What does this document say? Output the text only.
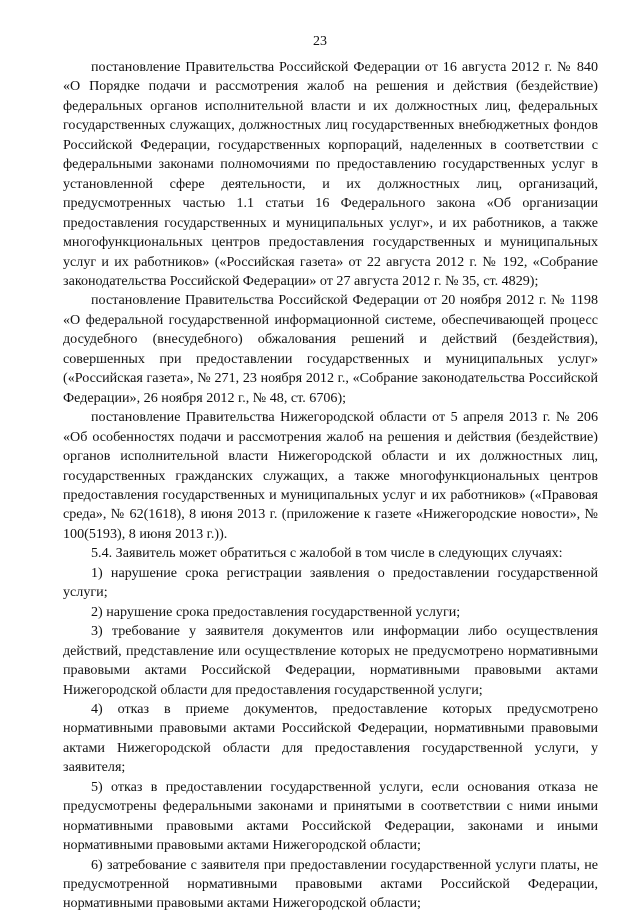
23

постановление Правительства Российской Федерации от 16 августа 2012 г. № 840 «О Порядке подачи и рассмотрения жалоб на решения и действия (бездействие) федеральных органов исполнительной власти и их должностных лиц, федеральных государственных служащих, должностных лиц государственных внебюджетных фондов Российской Федерации, государственных корпораций, наделенных в соответствии с федеральными законами полномочиями по предоставлению государственных услуг в установленной сфере деятельности, и их должностных лиц, организаций, предусмотренных частью 1.1 статьи 16 Федерального закона «Об организации предоставления государственных и муниципальных услуг», и их работников, а также многофункциональных центров предоставления государственных и муниципальных услуг и их работников» («Российская газета» от 22 августа 2012 г. № 192, «Собрание законодательства Российской Федерации» от 27 августа 2012 г. № 35, ст. 4829);

постановление Правительства Российской Федерации от 20 ноября 2012 г. № 1198 «О федеральной государственной информационной системе, обеспечивающей процесс досудебного (внесудебного) обжалования решений и действий (бездействия), совершенных при предоставлении государственных и муниципальных услуг» («Российская газета», № 271, 23 ноября 2012 г., «Собрание законодательства Российской Федерации», 26 ноября 2012 г., № 48, ст. 6706);

постановление Правительства Нижегородской области от 5 апреля 2013 г. № 206 «Об особенностях подачи и рассмотрения жалоб на решения и действия (бездействие) органов исполнительной власти Нижегородской области и их должностных лиц, государственных гражданских служащих, а также многофункциональных центров предоставления государственных и муниципальных услуг и их работников» («Правовая среда», № 62(1618), 8 июня 2013 г. (приложение к газете «Нижегородские новости», № 100(5193), 8 июня 2013 г.)).

5.4. Заявитель может обратиться с жалобой в том числе в следующих случаях:

1) нарушение срока регистрации заявления о предоставлении государственной услуги;

2) нарушение срока предоставления государственной услуги;

3) требование у заявителя документов или информации либо осуществления действий, представление или осуществление которых не предусмотрено нормативными правовыми актами Российской Федерации, нормативными правовыми актами Нижегородской области для предоставления государственной услуги;

4) отказ в приеме документов, предоставление которых предусмотрено нормативными правовыми актами Российской Федерации, нормативными правовыми актами Нижегородской области для предоставления государственной услуги, у заявителя;

5) отказ в предоставлении государственной услуги, если основания отказа не предусмотрены федеральными законами и принятыми в соответствии с ними иными нормативными правовыми актами Российской Федерации, законами и иными нормативными правовыми актами Нижегородской области;

6) затребование с заявителя при предоставлении государственной услуги платы, не предусмотренной нормативными правовыми актами Российской Федерации, нормативными правовыми актами Нижегородской области;
